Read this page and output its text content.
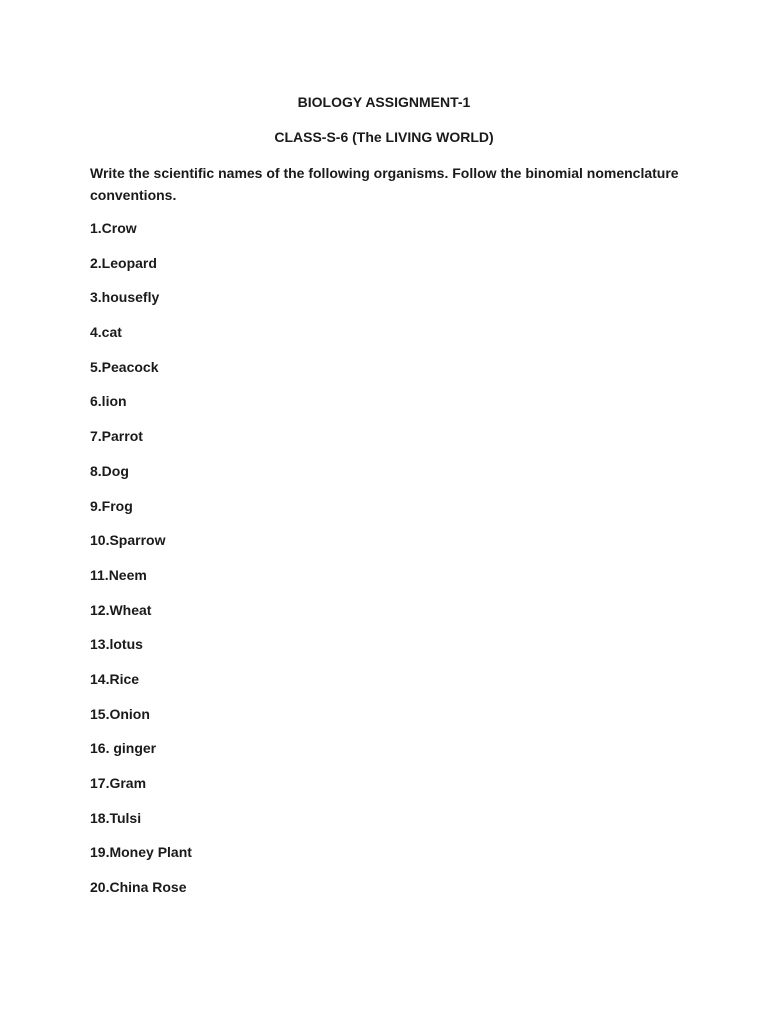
BIOLOGY ASSIGNMENT-1
CLASS-S-6 (The LIVING WORLD)
Write the scientific names of the following organisms. Follow the binomial nomenclature conventions.
1.Crow
2.Leopard
3.housefly
4.cat
5.Peacock
6.lion
7.Parrot
8.Dog
9.Frog
10.Sparrow
11.Neem
12.Wheat
13.lotus
14.Rice
15.Onion
16. ginger
17.Gram
18.Tulsi
19.Money Plant
20.China Rose
